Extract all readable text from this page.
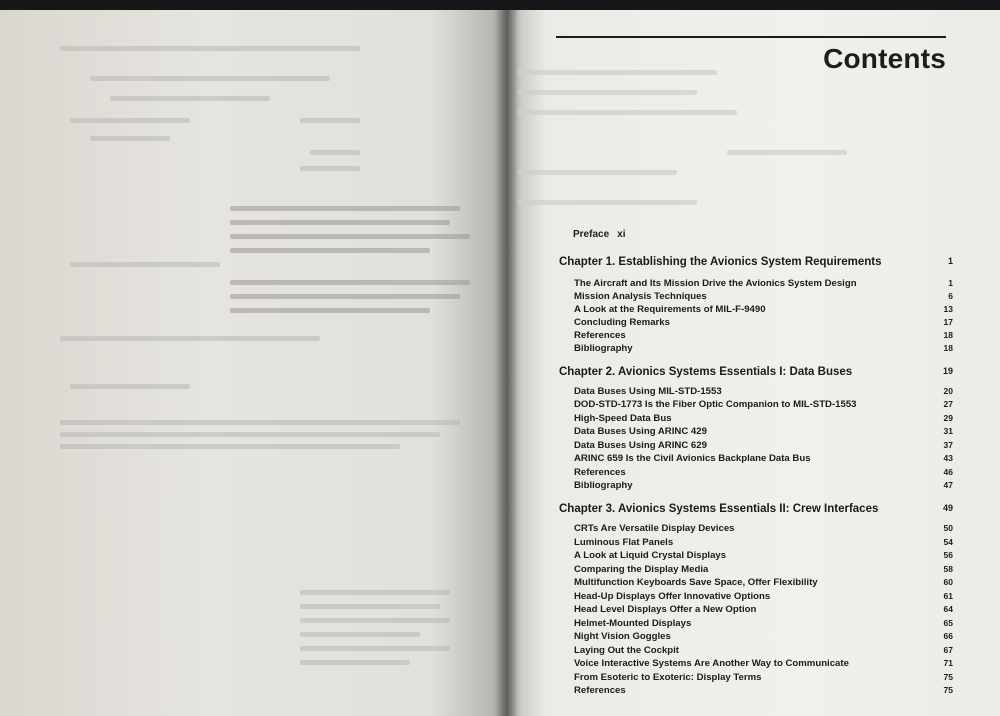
Contents
Preface xi
Chapter 1. Establishing the Avionics System Requirements	1
The Aircraft and Its Mission Drive the Avionics System Design	1
Mission Analysis Techniques	6
A Look at the Requirements of MIL-F-9490	13
Concluding Remarks	17
References	18
Bibliography	18
Chapter 2. Avionics Systems Essentials I: Data Buses	19
Data Buses Using MIL-STD-1553	20
DOD-STD-1773 Is the Fiber Optic Companion to MIL-STD-1553	27
High-Speed Data Bus	29
Data Buses Using ARINC 429	31
Data Buses Using ARINC 629	37
ARINC 659 Is the Civil Avionics Backplane Data Bus	43
References	46
Bibliography	47
Chapter 3. Avionics Systems Essentials II: Crew Interfaces	49
CRTs Are Versatile Display Devices	50
Luminous Flat Panels	54
A Look at Liquid Crystal Displays	56
Comparing the Display Media	58
Multifunction Keyboards Save Space, Offer Flexibility	60
Head-Up Displays Offer Innovative Options	61
Head Level Displays Offer a New Option	64
Helmet-Mounted Displays	65
Night Vision Goggles	66
Laying Out the Cockpit	67
Voice Interactive Systems Are Another Way to Communicate	71
From Esoteric to Exoteric: Display Terms	75
References	75
